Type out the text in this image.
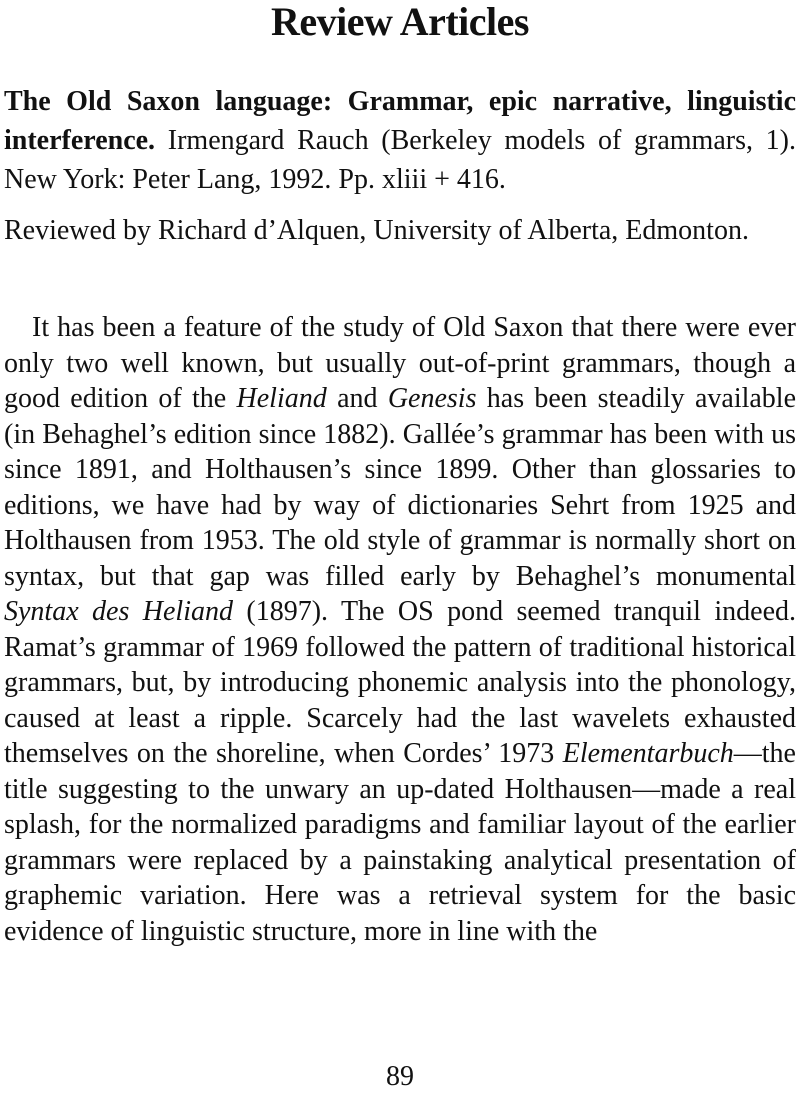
Review Articles
The Old Saxon language: Grammar, epic narrative, linguistic interference. Irmengard Rauch (Berkeley models of grammars, 1). New York: Peter Lang, 1992. Pp. xliii + 416.
Reviewed by Richard d’Alquen, University of Alberta, Edmonton.

It has been a feature of the study of Old Saxon that there were ever only two well known, but usually out-of-print grammars, though a good edition of the Heliand and Genesis has been steadily available (in Behaghel’s edition since 1882). Gallée’s grammar has been with us since 1891, and Holthausen’s since 1899. Other than glossaries to editions, we have had by way of dictionaries Sehrt from 1925 and Holthausen from 1953. The old style of grammar is normally short on syntax, but that gap was filled early by Behaghel’s monumental Syntax des Heliand (1897). The OS pond seemed tranquil indeed. Ramat’s grammar of 1969 followed the pattern of traditional historical grammars, but, by introducing phonemic analysis into the phonology, caused at least a ripple. Scarcely had the last wavelets exhausted themselves on the shoreline, when Cordes’ 1973 Elementarbuch—the title suggesting to the unwary an up-dated Holthausen—made a real splash, for the normalized paradigms and familiar layout of the earlier grammars were replaced by a painstaking analytical presentation of graphemic variation. Here was a retrieval system for the basic evidence of linguistic structure, more in line with the

89
